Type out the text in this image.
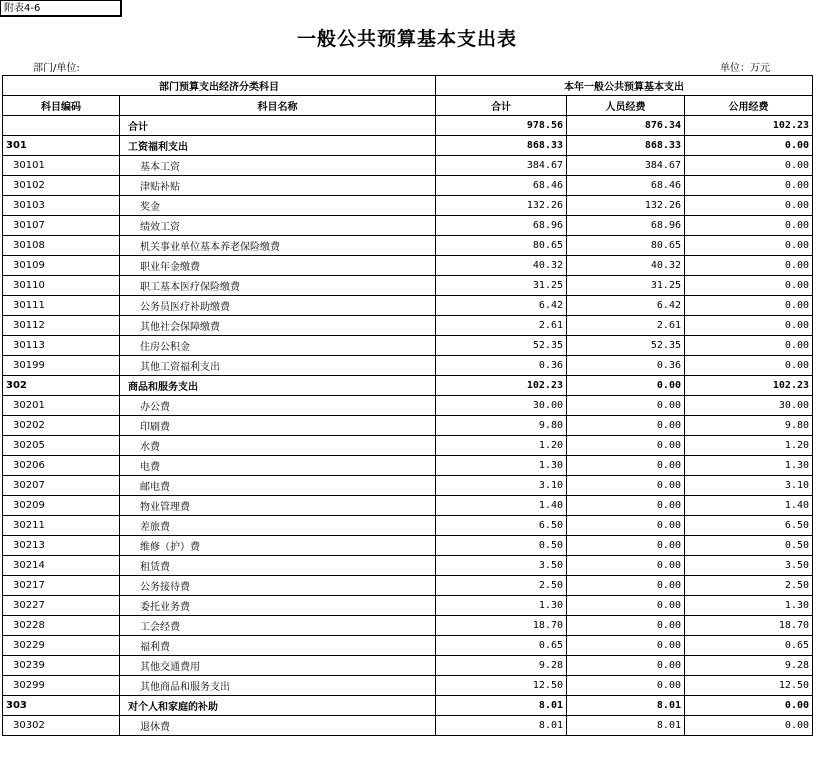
附表4-6
一般公共预算基本支出表
部门/单位:	单位：万元
部门预算支出经济分类科目		本年一般公共预算基本支出		
科目编码	科目名称	合计	人员经费	公用经费
	合计	978.56	876.34	102.23
301	工资福利支出	868.33	868.33	0.00
30101	基本工资	384.67	384.67	0.00
30102	津贴补贴	68.46	68.46	0.00
30103	奖金	132.26	132.26	0.00
30107	绩效工资	68.96	68.96	0.00
30108	机关事业单位基本养老保险缴费	80.65	80.65	0.00
30109	职业年金缴费	40.32	40.32	0.00
30110	职工基本医疗保险缴费	31.25	31.25	0.00
30111	公务员医疗补助缴费	6.42	6.42	0.00
30112	其他社会保障缴费	2.61	2.61	0.00
30113	住房公积金	52.35	52.35	0.00
30199	其他工资福利支出	0.36	0.36	0.00
302	商品和服务支出	102.23	0.00	102.23
30201	办公费	30.00	0.00	30.00
30202	印刷费	9.80	0.00	9.80
30205	水费	1.20	0.00	1.20
30206	电费	1.30	0.00	1.30
30207	邮电费	3.10	0.00	3.10
30209	物业管理费	1.40	0.00	1.40
30211	差旅费	6.50	0.00	6.50
30213	维修（护）费	0.50	0.00	0.50
30214	租赁费	3.50	0.00	3.50
30217	公务接待费	2.50	0.00	2.50
30227	委托业务费	1.30	0.00	1.30
30228	工会经费	18.70	0.00	18.70
30229	福利费	0.65	0.00	0.65
30239	其他交通费用	9.28	0.00	9.28
30299	其他商品和服务支出	12.50	0.00	12.50
303	对个人和家庭的补助	8.01	8.01	0.00
30302	退休费	8.01	8.01	0.00
